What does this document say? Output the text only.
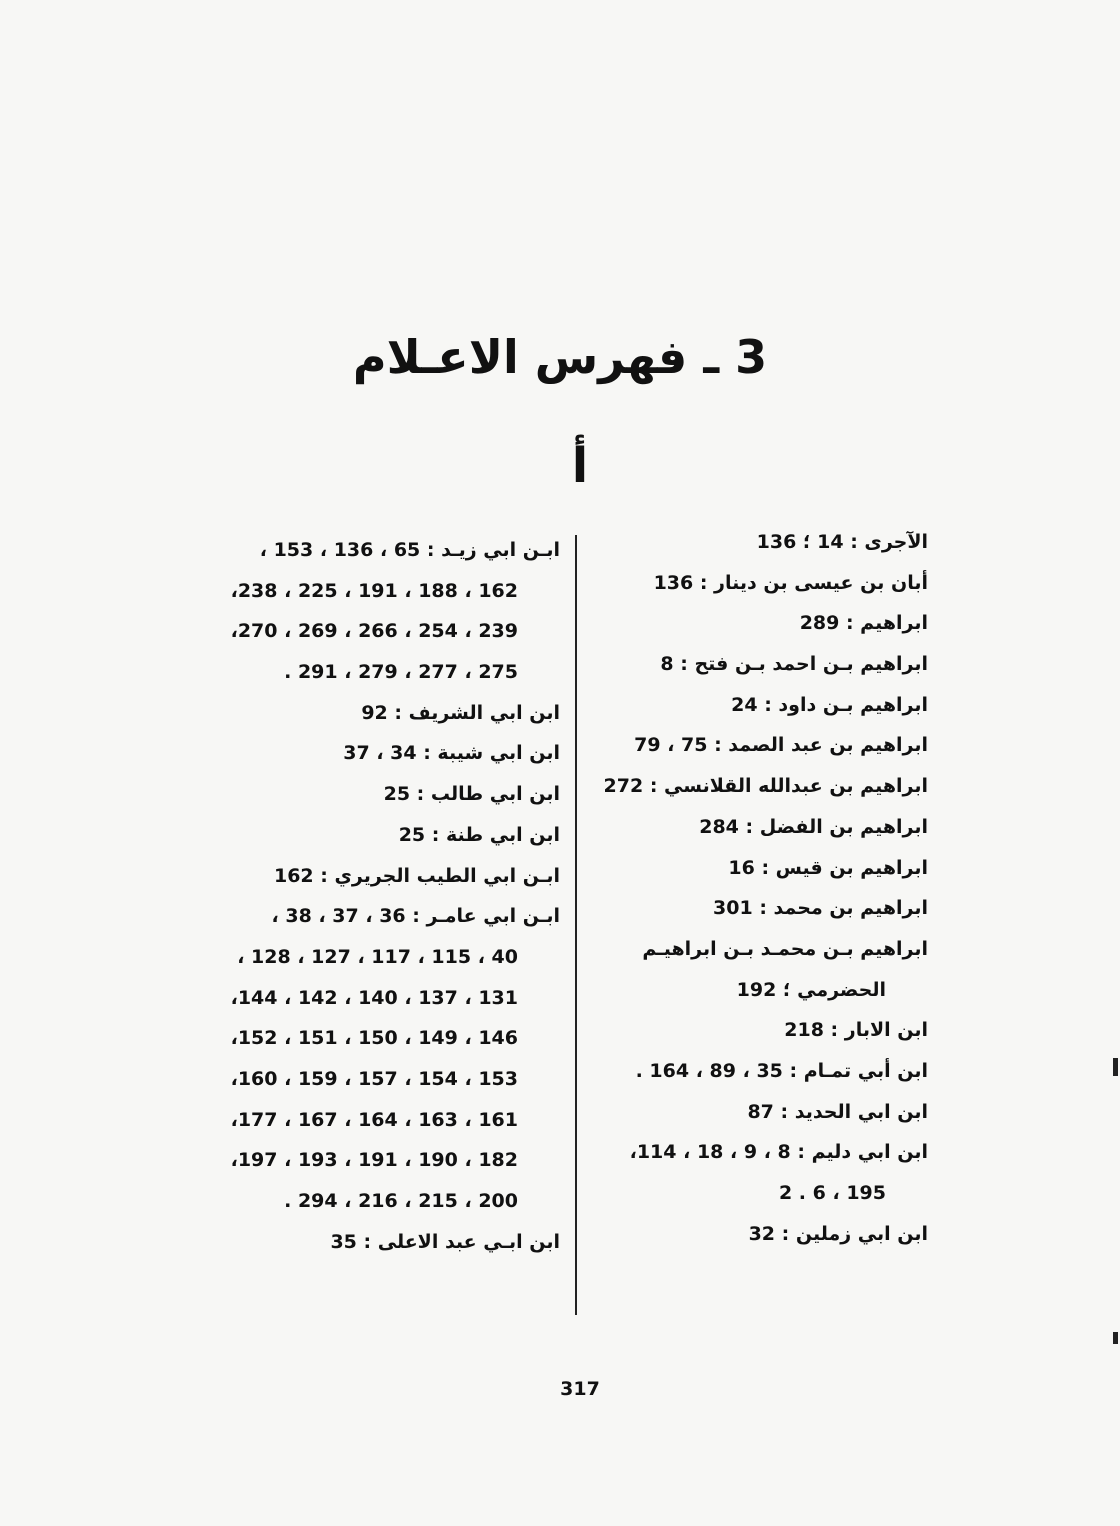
3 ـ فهرس الاعـلام
أ
الآجرى : 14 ؛ 136
أبان بن عيسى بن دينار : 136
ابراهيم : 289
ابراهيم بـن احمد بـن فتح : 8
ابراهيم بـن داود : 24
ابراهيم بن عبد الصمد : 75 ، 79
ابراهيم بن عبدالله القلانسي : 272
ابراهيم بن الفضل : 284
ابراهيم بن قيس : 16
ابراهيم بن محمد : 301
ابراهيم بـن محمـد بـن ابراهيـم
الحضرمي ؛ 192
ابن الابار : 218
ابن أبي تمـام : 35 ، 89 ، 164 .
ابن ابي الحديد : 87
ابن ابي دليم : 8 ، 9 ، 18 ، 114،
195 ، 6 . 2
ابن ابي زملين : 32
ابـن ابي زيـد : 65 ، 136 ، 153 ،
162 ، 188 ، 191 ، 225 ، 238،
239 ، 254 ، 266 ، 269 ، 270،
275 ، 277 ، 279 ، 291 .
ابن ابي الشريف : 92
ابن ابي شيبة : 34 ، 37
ابن ابي طالب : 25
ابن ابي طنة : 25
ابـن ابي الطيب الجريري : 162
ابـن ابي عامـر : 36 ، 37 ، 38 ،
40 ، 115 ، 117 ، 127 ، 128 ،
131 ، 137 ، 140 ، 142 ، 144،
146 ، 149 ، 150 ، 151 ، 152،
153 ، 154 ، 157 ، 159 ، 160،
161 ، 163 ، 164 ، 167 ، 177،
182 ، 190 ، 191 ، 193 ، 197،
200 ، 215 ، 216 ، 294 .
ابن ابـي عبد الاعلى : 35
317
